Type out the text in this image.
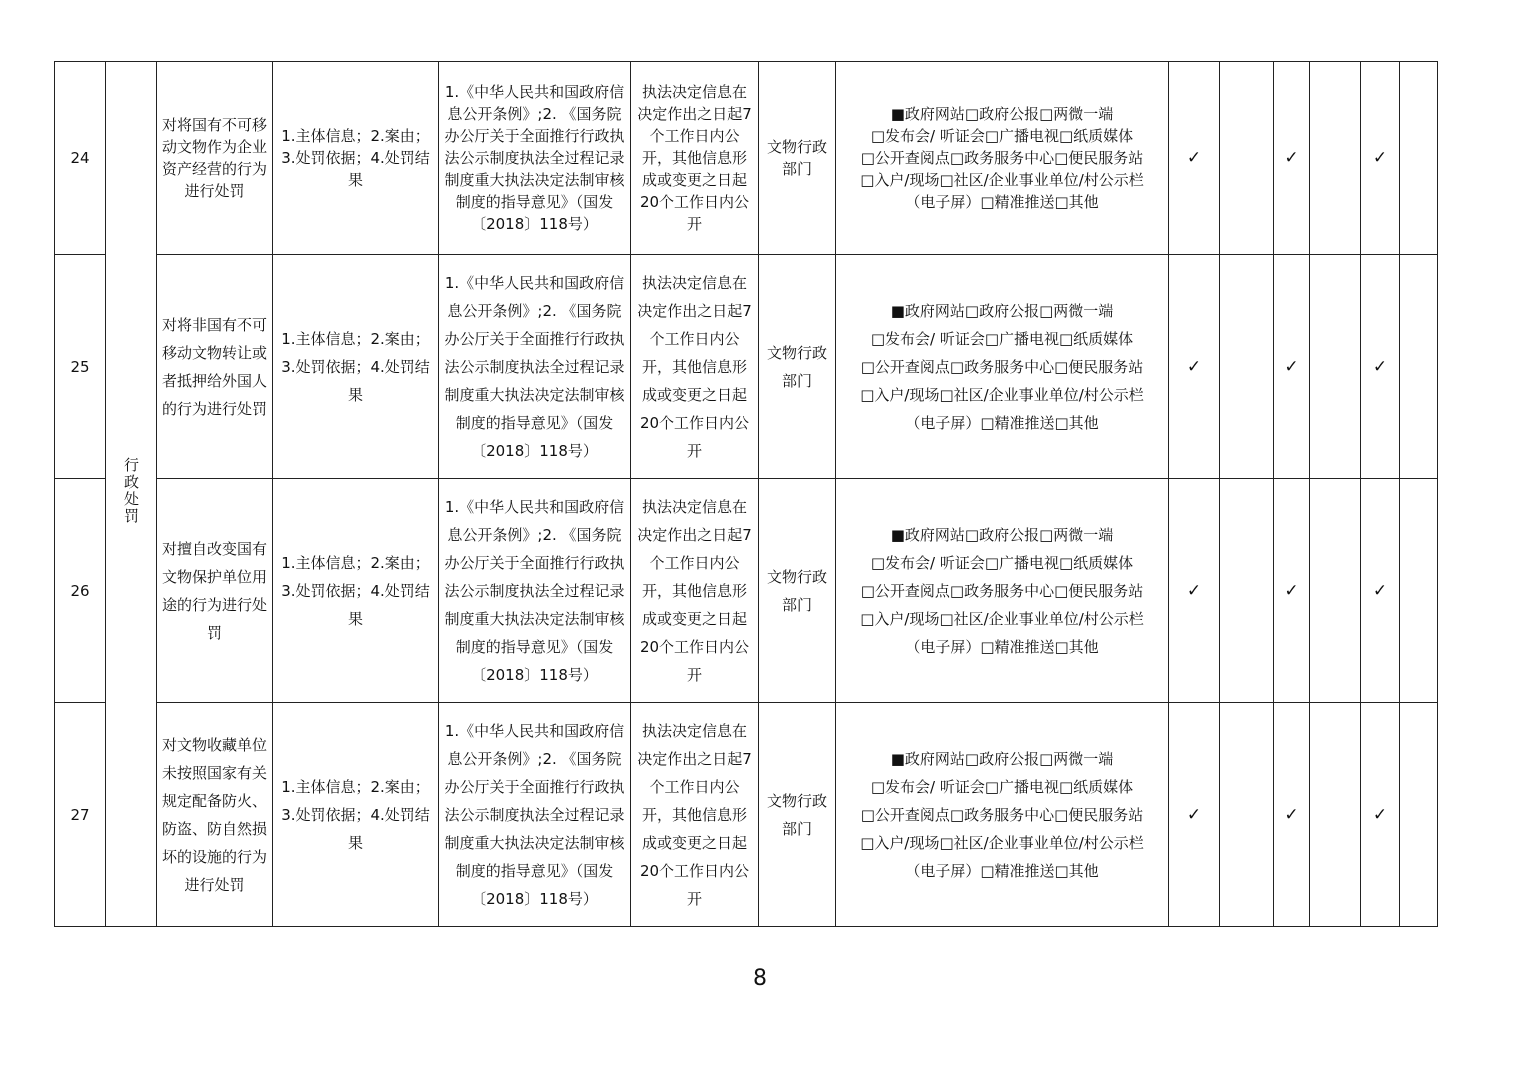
24	行政处罚	对将国有不可移动文物作为企业资产经营的行为进行处罚	1.主体信息；2.案由；3.处罚依据；4.处罚结果	1.《中华人民共和国政府信息公开条例》;2. 《国务院办公厅关于全面推行行政执法公示制度执法全过程记录制度重大执法决定法制审核制度的指导意见》（国发〔2018〕118号）	执法决定信息在决定作出之日起7个工作日内公开，其他信息形成或变更之日起20个工作日内公开	文物行政部门	■政府网站□政府公报□两微一端
□发布会/ 听证会□广播电视□纸质媒体
□公开查阅点□政务服务中心□便民服务站
□入户/现场□社区/企业事业单位/村公示栏
（电子屏）□精准推送□其他	✓		✓		✓	
25		对将非国有不可移动文物转让或者抵押给外国人的行为进行处罚	1.主体信息；2.案由；3.处罚依据；4.处罚结果	1.《中华人民共和国政府信息公开条例》;2. 《国务院办公厅关于全面推行行政执法公示制度执法全过程记录制度重大执法决定法制审核制度的指导意见》（国发〔2018〕118号）	执法决定信息在决定作出之日起7个工作日内公开，其他信息形成或变更之日起20个工作日内公开	文物行政部门	■政府网站□政府公报□两微一端
□发布会/ 听证会□广播电视□纸质媒体
□公开查阅点□政务服务中心□便民服务站
□入户/现场□社区/企业事业单位/村公示栏
（电子屏）□精准推送□其他	✓		✓		✓	
26		对擅自改变国有文物保护单位用途的行为进行处罚	1.主体信息；2.案由；3.处罚依据；4.处罚结果	1.《中华人民共和国政府信息公开条例》;2. 《国务院办公厅关于全面推行行政执法公示制度执法全过程记录制度重大执法决定法制审核制度的指导意见》（国发〔2018〕118号）	执法决定信息在决定作出之日起7个工作日内公开，其他信息形成或变更之日起20个工作日内公开	文物行政部门	■政府网站□政府公报□两微一端
□发布会/ 听证会□广播电视□纸质媒体
□公开查阅点□政务服务中心□便民服务站
□入户/现场□社区/企业事业单位/村公示栏
（电子屏）□精准推送□其他	✓		✓		✓	
27		对文物收藏单位未按照国家有关规定配备防火、防盗、防自然损坏的设施的行为进行处罚	1.主体信息；2.案由；3.处罚依据；4.处罚结果	1.《中华人民共和国政府信息公开条例》;2. 《国务院办公厅关于全面推行行政执法公示制度执法全过程记录制度重大执法决定法制审核制度的指导意见》（国发〔2018〕118号）	执法决定信息在决定作出之日起7个工作日内公开，其他信息形成或变更之日起20个工作日内公开	文物行政部门	■政府网站□政府公报□两微一端
□发布会/ 听证会□广播电视□纸质媒体
□公开查阅点□政务服务中心□便民服务站
□入户/现场□社区/企业事业单位/村公示栏
（电子屏）□精准推送□其他	✓		✓		✓	
8
